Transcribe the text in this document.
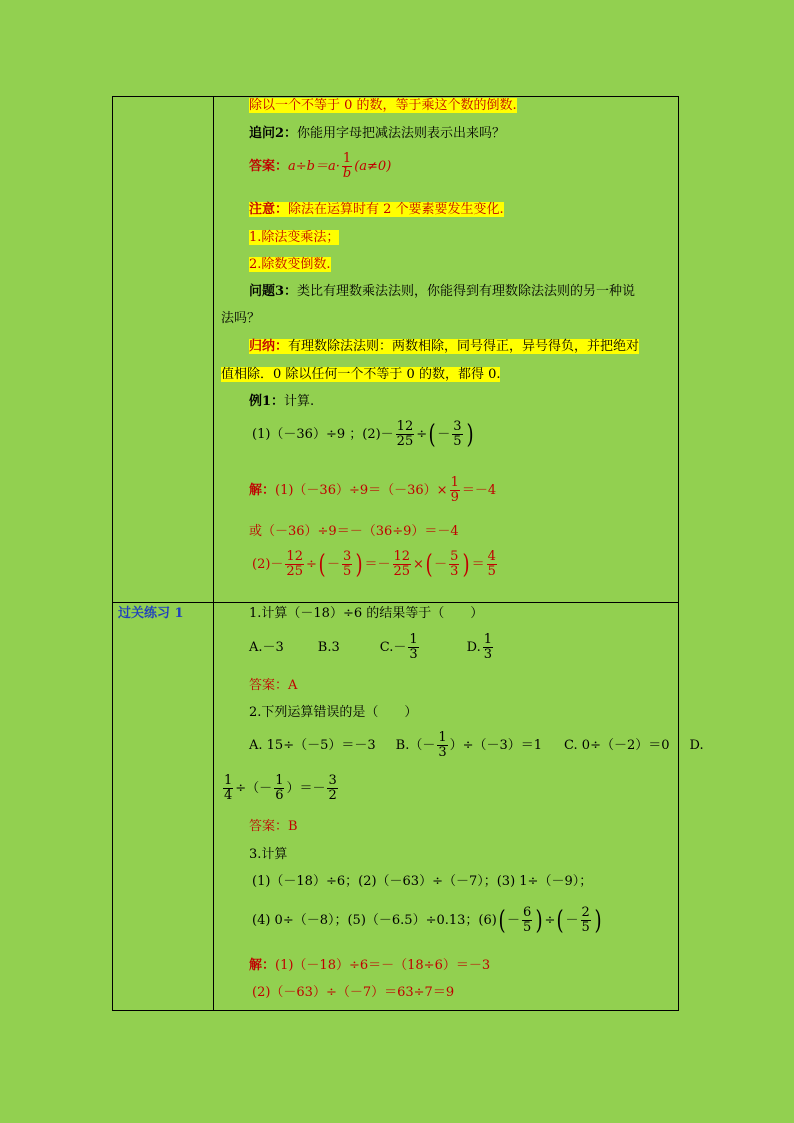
除以一个不等于 0 的数，等于乘这个数的倒数.
追问2：你能用字母把减法法则表示出来吗？
答案： $a\div b=a\cdot \frac{1}{b} (a\ne 0)$
注意：除法在运算时有 2 个要素要发生变化.
1.除法变乘法；
2.除数变倒数.
问题3：类比有理数乘法法则，你能得到有理数除法法则的另一种说
法吗？
归纳：有理数除法法则：两数相除，同号得正，异号得负，并把绝对
值相除．0 除以任何一个不等于 0 的数，都得 0.
例1：计算.
(1)（－36）÷9 ；$(2)- \frac{12}{25}$ ÷ ( － $\frac{3}{5}$ )
解： $(1)(-36)\div 9=(-36)\times \frac{1}{9} =-4$
或（－36）÷9＝－（36÷9）＝－4
$(2)- \frac{12}{25}$ ÷ ( － $\frac{3}{5}$ ) ＝－ $\frac{12}{25}$ × ( － $\frac{5}{3}$ ) ＝ $\frac{4}{5}$
过关练习 1	1.计算（－18）÷6 的结果等于（　　）
A.－3	B.3	$C.- \frac{1}{3}$	D. $\frac{1}{3}$
答案：A
2.下列运算错误的是（　　）
A. 15÷（－5）＝－3 $B.(- \frac{1}{3} )\div(-3)=1$ C. 0÷（－2）＝0 D.
$\frac{1}{4}$ ÷（－ $\frac{1}{6}$ ）＝－ $\frac{3}{2}$
答案：B
3.计算
(1)（－18）÷6；(2)（－63）÷（－7）；(3) 1÷（－9）；
(4) 0÷（－8）；(5)（－6.5）÷0.13；(6) ( － $\frac{6}{5}$ ) ÷ ( － $\frac{2}{5}$ )
解：(1)（－18）÷6＝－（18÷6）＝－3
(2)（－63）÷（－7）＝63÷7＝9
